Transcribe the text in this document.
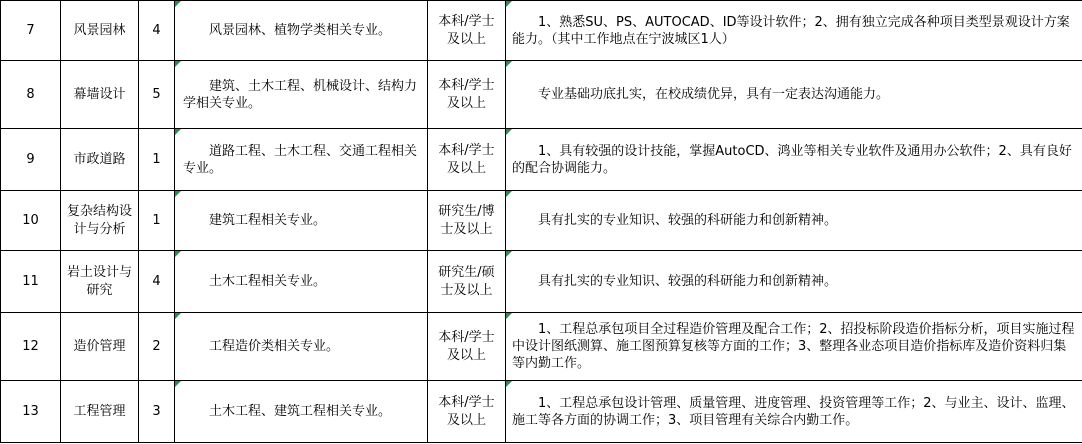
7	风景园林	4	风景园林、植物学类相关专业。	本科/学士及以上	1、熟悉SU、PS、AUTOCAD、ID等设计软件；2、拥有独立完成各种项目类型景观设计方案能力。（其中工作地点在宁波城区1人）

8	幕墙设计	5	建筑、土木工程、机械设计、结构力学相关专业。	本科/学士及以上	专业基础功底扎实，在校成绩优异，具有一定表达沟通能力。

9	市政道路	1	道路工程、土木工程、交通工程相关专业。	本科/学士及以上	1、具有较强的设计技能，掌握AutoCD、鸿业等相关专业软件及通用办公软件；2、具有良好的配合协调能力。

10	复杂结构设计与分析	1	建筑工程相关专业。	研究生/博士及以上	具有扎实的专业知识、较强的科研能力和创新精神。

11	岩土设计与研究	4	土木工程相关专业。	研究生/硕士及以上	具有扎实的专业知识、较强的科研能力和创新精神。

12	造价管理	2	工程造价类相关专业。	本科/学士及以上	1、工程总承包项目全过程造价管理及配合工作；2、招投标阶段造价指标分析，项目实施过程中设计图纸测算、施工图预算复核等方面的工作；3、整理各业态项目造价指标库及造价资料归集等内勤工作。

13	工程管理	3	土木工程、建筑工程相关专业。	本科/学士及以上	1、工程总承包设计管理、质量管理、进度管理、投资管理等工作；2、与业主、设计、监理、施工等各方面的协调工作；3、项目管理有关综合内勤工作。
